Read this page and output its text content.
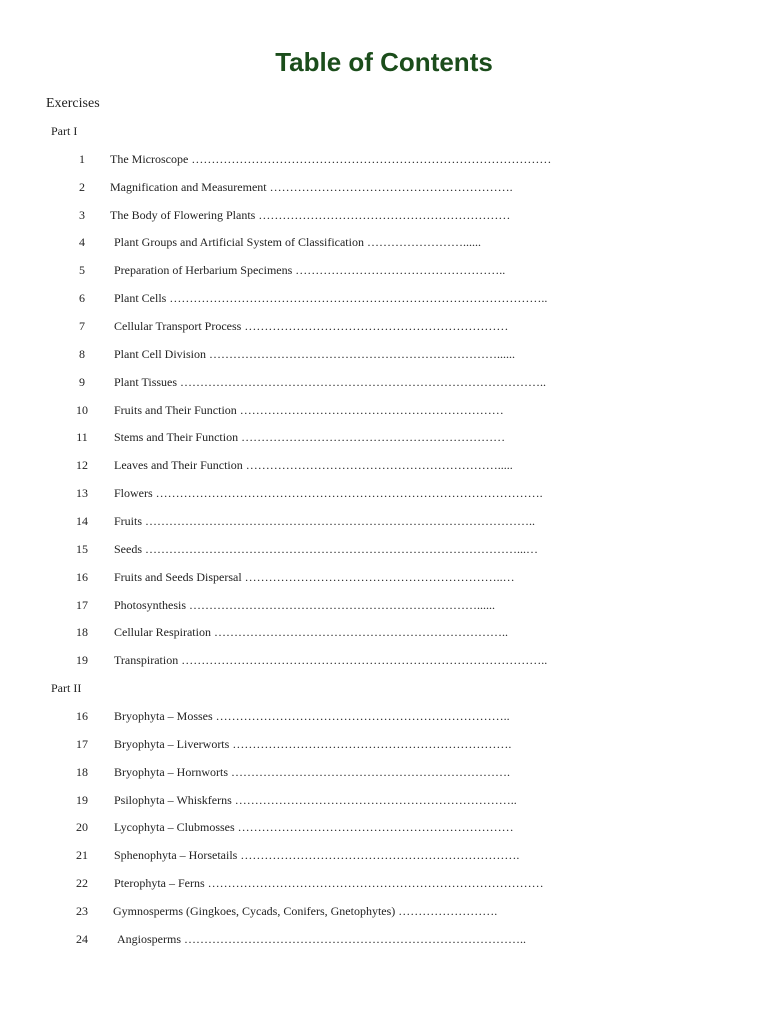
Table of Contents
Exercises
Part I
1	The Microscope ………………………………………………………………………………
2	Magnification and Measurement …………………………………………………….
3	The Body of Flowering Plants ………………………………………………………
4	Plant Groups and Artificial System of Classification ……………………......
5	Preparation of Herbarium Specimens ……………………………………………..
6	Plant Cells …………………………………………………………………………………..
7	Cellular Transport Process …………………………………………………………
8	Plant Cell Division ………………………………………………………………......
9	Plant Tissues ………………………………………………………………………………..
10	Fruits and Their Function …………………………………………………………
11	Stems and Their Function …………………………………………………………
12	Leaves and Their Function ……………………………………………………….....
13	Flowers …………………………………………………………………………………….
14	Fruits ……………………………………………………………………………………..
15	Seeds …………………………………………………………………………………...…
16	Fruits and Seeds Dispersal ………………………………………………………..…
17	Photosynthesis ………………………………………………………………......
18	Cellular Respiration ………………………………………………………………..
19	Transpiration ………………………………………………………………………………..
Part II
16	Bryophyta – Mosses ………………………………………………………………..
17	Bryophyta – Liverworts …………………………………………………………….
18	Bryophyta – Hornworts …………………………………………………………….
19	Psilophyta – Whiskferns ……………………………………………………………..
20	Lycophyta – Clubmosses ……………………………………………………………
21	Sphenophyta – Horsetails …………………………………………………………….
22	Pterophyta – Ferns …………………………………………………………………………
23	Gymnosperms (Gingkoes, Cycads, Conifers, Gnetophytes) …………………….
24	Angiosperms …………………………………………………………………………..
